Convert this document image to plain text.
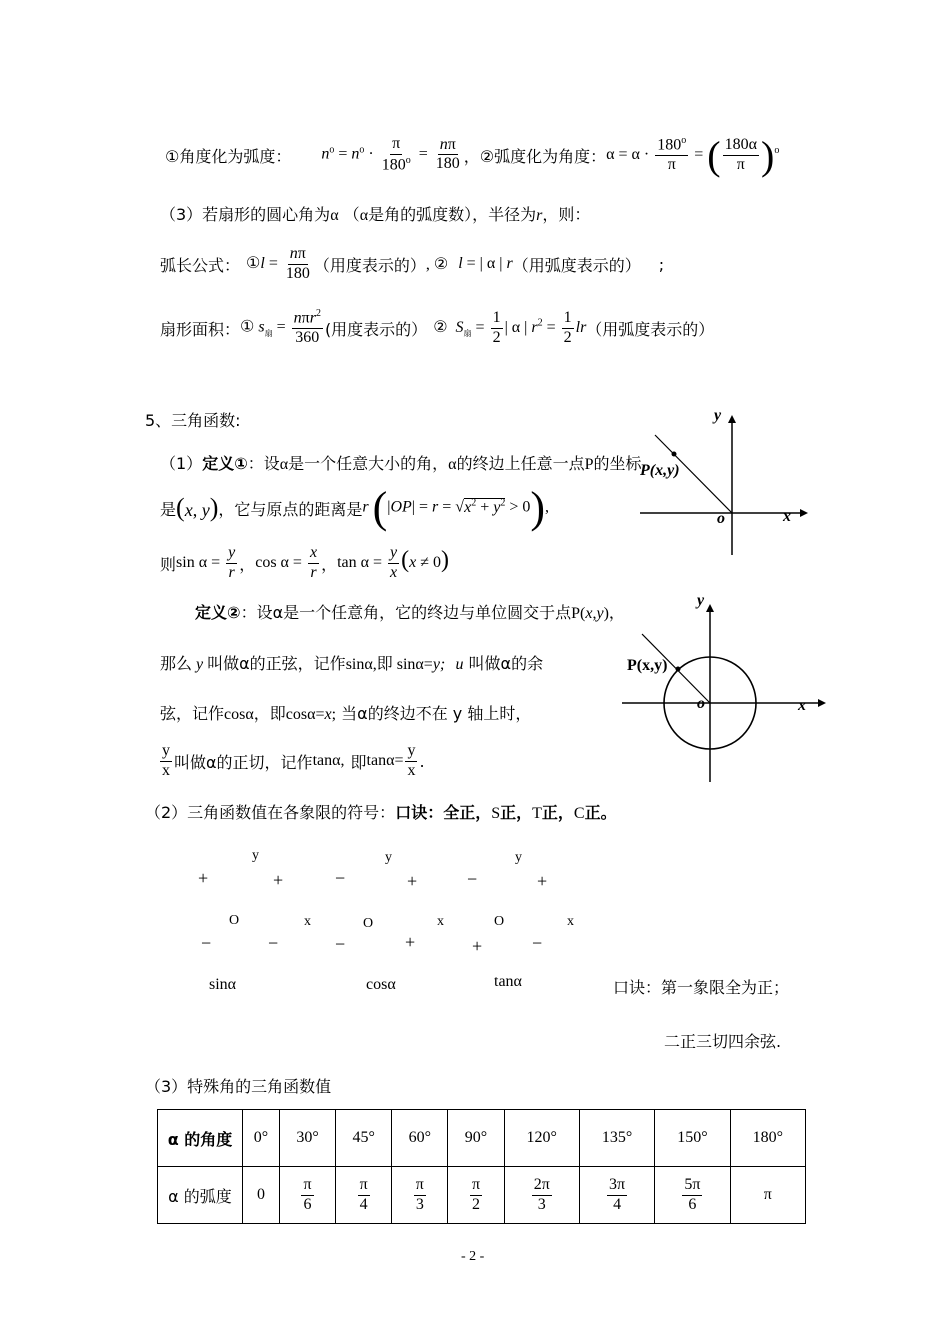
①角度化为弧度： $n^o = n^o \cdot \frac{\pi}{180^o} = \frac{n\pi}{180}$ ，②弧度化为角度： $\alpha = \alpha \cdot \frac{180^o}{\pi}$ = ( $\frac{180\alpha}{\pi} )^o$
（3）若扇形的圆心角为α （α是角的弧度数），半径为r，则：
弧长公式： ①l = $\frac{n\pi}{180}$ （用度表示的） , ② l = | α | r （用弧度表示的） ;
扇形面积： ① $s_扇 = \frac{n\pi r^2}{360}$ (用度表示的） ②  $S_扇 = \frac{1}{2}$ | α | $r^2 = \frac{1}{2}$ lr （用弧度表示的）
5、三角函数:
（1）定义①：设α是一个任意大小的角，α的终边上任意一点P的坐标
是 (x, y) ，它与原点的距离是 r $(|OP| = r = √x^2 + y^2 > 0)$,
则 $\sin \alpha = \frac{y}{r}$ ， $\cos \alpha = \frac{x}{r}$ ， $\tan \alpha = \frac{y}{x} (x \ne 0)$
y
P(x,y)
o	x
定义②：设α是一个任意角，它的终边与单位圆交于点P(x,y)，
那么 y 叫做α的正弦，记作sinα,即 sinα=y; u 叫做α的余
弦，记作cosα，即cosα=x; 当α的终边不在 y 轴上时，
$\frac{y}{x}$ 叫做α的正切，记作 tanα, 即 $\tan\alpha= \frac{y}{x}$ .
y
P(x,y)
o	x
（2）三角函数值在各象限的符号：口诀：全正，S正，T正，C正。
y
+	+
O	x
−	−
sinα
y
−	+
O	x
−	+
cosα
y
−	+
O	x
+	−
tanα	口诀：第一象限全为正；
二正三切四余弦.
（3）特殊角的三角函数值
α 的角度	0°	30°	45°	60°	90°	120°	135°	150°	180°
α 的弧度	0	$\frac{\pi}{6}$	$\frac{\pi}{4}$	$\frac{\pi}{3}$	$\frac{\pi}{2}$	$\frac{2\pi}{3}$	$\frac{3\pi}{4}$	$\frac{5\pi}{6}$	π
- 2 -
